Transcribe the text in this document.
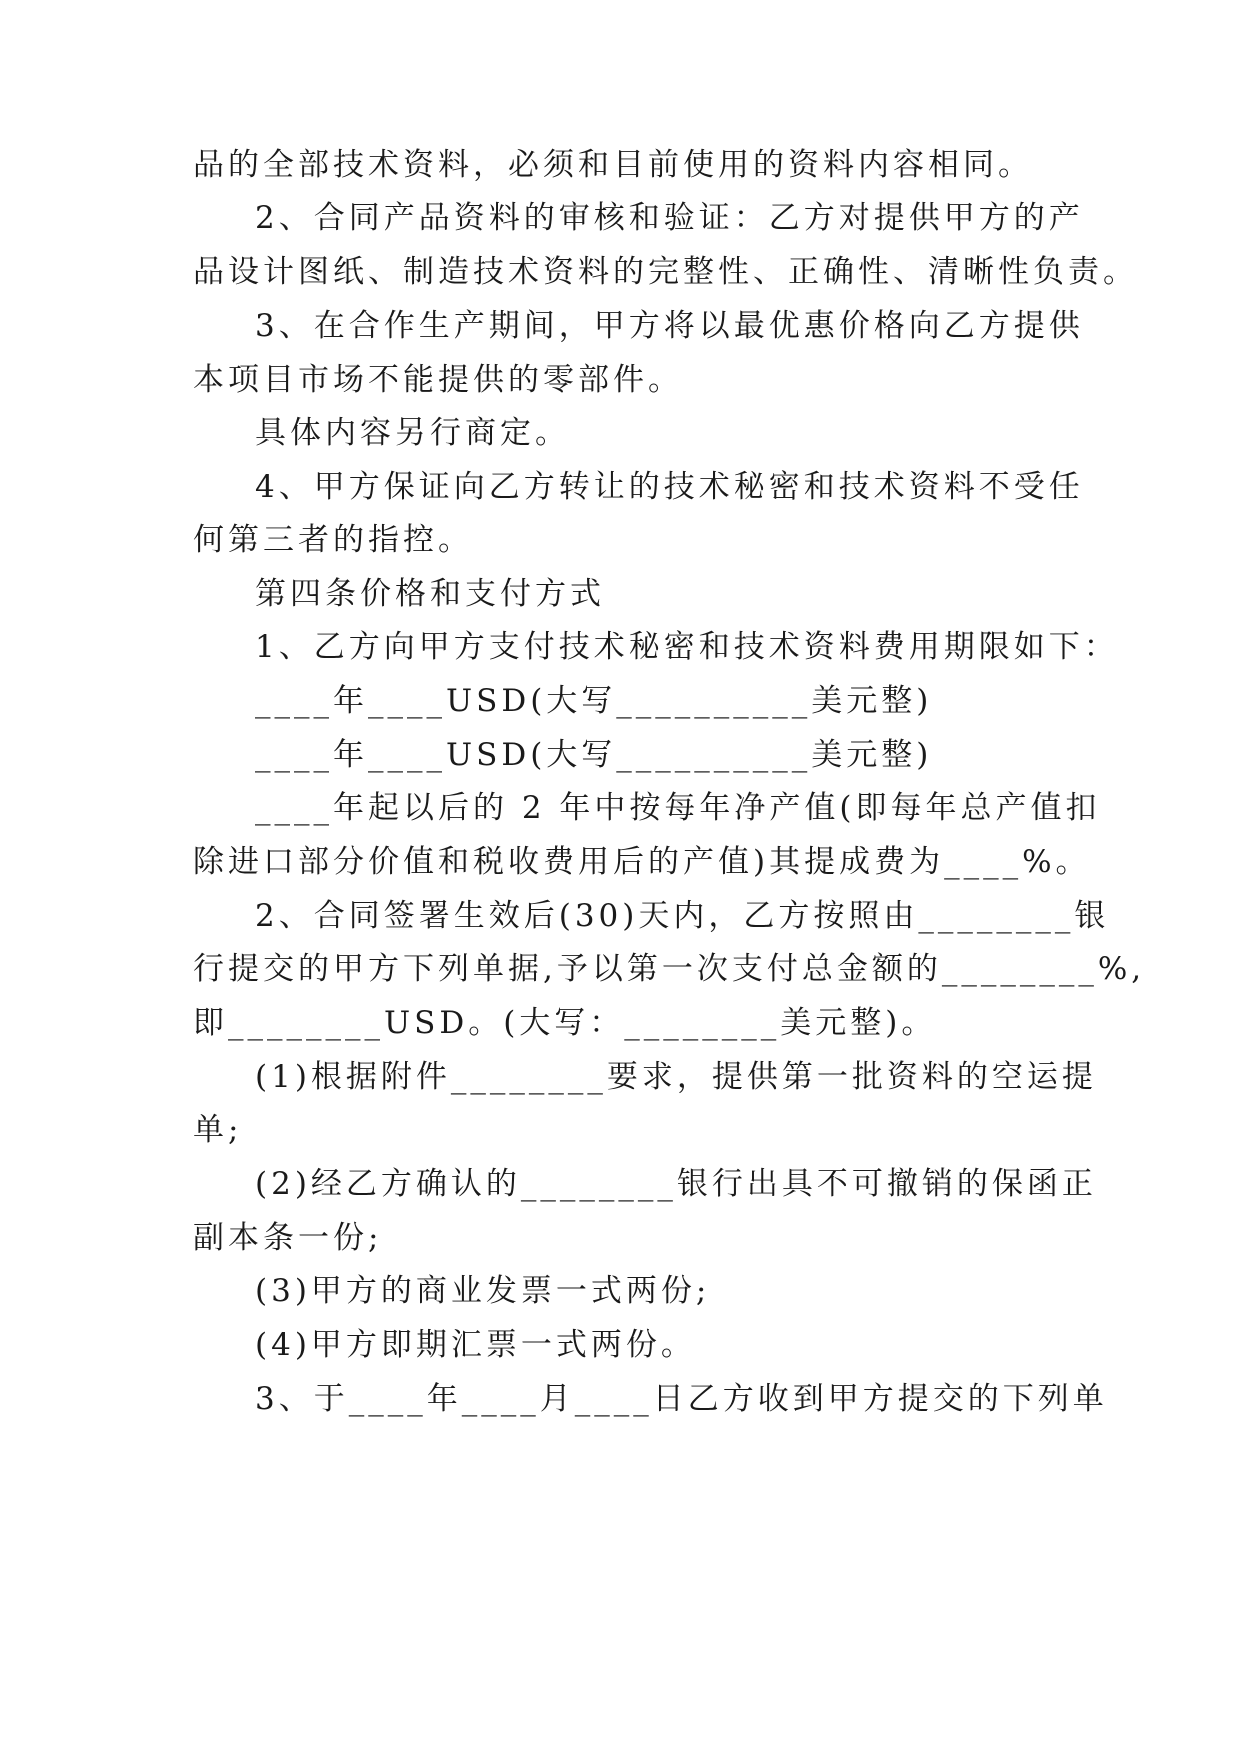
品的全部技术资料，必须和目前使用的资料内容相同。
2、合同产品资料的审核和验证：乙方对提供甲方的产
品设计图纸、制造技术资料的完整性、正确性、清晰性负责。
3、在合作生产期间，甲方将以最优惠价格向乙方提供
本项目市场不能提供的零部件。
具体内容另行商定。
4、甲方保证向乙方转让的技术秘密和技术资料不受任
何第三者的指控。
第四条价格和支付方式
1、乙方向甲方支付技术秘密和技术资料费用期限如下：
____年____USD(大写__________美元整)
____年____USD(大写__________美元整)
____年起以后的 2 年中按每年净产值(即每年总产值扣
除进口部分价值和税收费用后的产值)其提成费为____%。
2、合同签署生效后(30)天内，乙方按照由________银
行提交的甲方下列单据,予以第一次支付总金额的________%,
即________USD。(大写：________美元整)。
(1)根据附件________要求，提供第一批资料的空运提
单;
(2)经乙方确认的________银行出具不可撤销的保函正
副本条一份;
(3)甲方的商业发票一式两份;
(4)甲方即期汇票一式两份。
3、于____年____月____日乙方收到甲方提交的下列单
